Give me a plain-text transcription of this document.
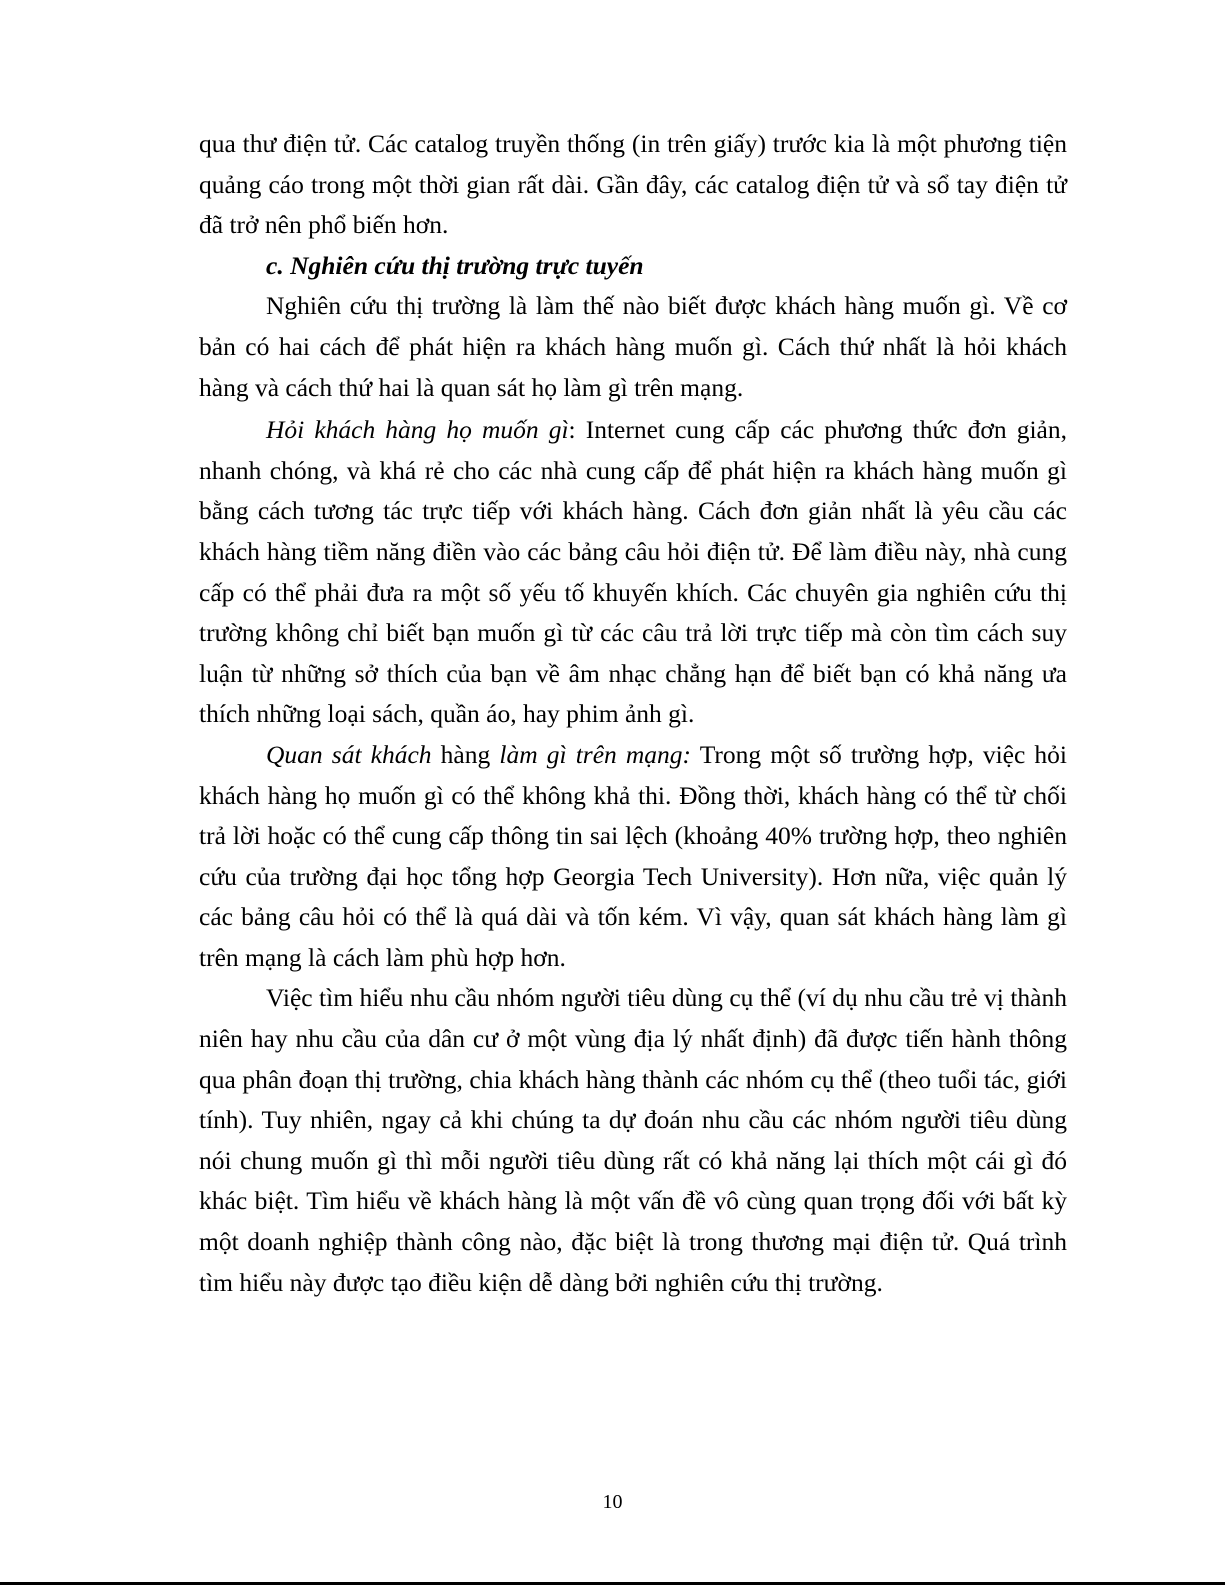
qua thư điện tử. Các catalog truyền thống (in trên giấy) trước kia là một phương tiện quảng cáo trong một thời gian rất dài. Gần đây, các catalog điện tử và sổ tay điện tử đã trở nên phổ biến hơn.

c. Nghiên cứu thị trường trực tuyến

Nghiên cứu thị trường là làm thế nào biết được khách hàng muốn gì. Về cơ bản có hai cách để phát hiện ra khách hàng muốn gì. Cách thứ nhất là hỏi khách hàng và cách thứ hai là quan sát họ làm gì trên mạng.

Hỏi khách hàng họ muốn gì: Internet cung cấp các phương thức đơn giản, nhanh chóng, và khá rẻ cho các nhà cung cấp để phát hiện ra khách hàng muốn gì bằng cách tương tác trực tiếp với khách hàng. Cách đơn giản nhất là yêu cầu các khách hàng tiềm năng điền vào các bảng câu hỏi điện tử. Để làm điều này, nhà cung cấp có thể phải đưa ra một số yếu tố khuyến khích. Các chuyên gia nghiên cứu thị trường không chỉ biết bạn muốn gì từ các câu trả lời trực tiếp mà còn tìm cách suy luận từ những sở thích của bạn về âm nhạc chẳng hạn để biết bạn có khả năng ưa thích những loại sách, quần áo, hay phim ảnh gì.

Quan sát khách hàng làm gì trên mạng: Trong một số trường hợp, việc hỏi khách hàng họ muốn gì có thể không khả thi. Đồng thời, khách hàng có thể từ chối trả lời hoặc có thể cung cấp thông tin sai lệch (khoảng 40% trường hợp, theo nghiên cứu của trường đại học tổng hợp Georgia Tech University). Hơn nữa, việc quản lý các bảng câu hỏi có thể là quá dài và tốn kém. Vì vậy, quan sát khách hàng làm gì trên mạng là cách làm phù hợp hơn.

Việc tìm hiểu nhu cầu nhóm người tiêu dùng cụ thể (ví dụ nhu cầu trẻ vị thành niên hay nhu cầu của dân cư ở một vùng địa lý nhất định) đã được tiến hành thông qua phân đoạn thị trường, chia khách hàng thành các nhóm cụ thể (theo tuổi tác, giới tính). Tuy nhiên, ngay cả khi chúng ta dự đoán nhu cầu các nhóm người tiêu dùng nói chung muốn gì thì mỗi người tiêu dùng rất có khả năng lại thích một cái gì đó khác biệt. Tìm hiểu về khách hàng là một vấn đề vô cùng quan trọng đối với bất kỳ một doanh nghiệp thành công nào, đặc biệt là trong thương mại điện tử. Quá trình tìm hiểu này được tạo điều kiện dễ dàng bởi nghiên cứu thị trường.

10
